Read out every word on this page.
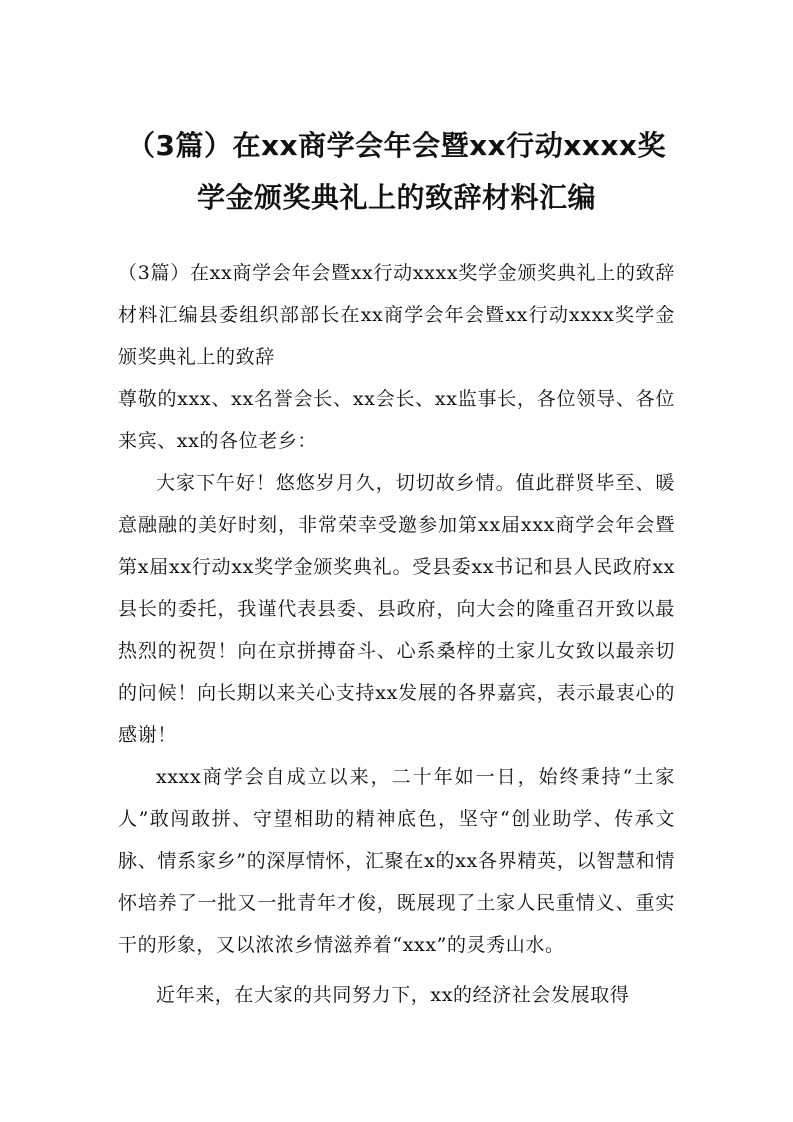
（3篇）在xx商学会年会暨xx行动xxxx奖学金颁奖典礼上的致辞材料汇编

（3篇）在xx商学会年会暨xx行动xxxx奖学金颁奖典礼上的致辞材料汇编县委组织部部长在xx商学会年会暨xx行动xxxx奖学金颁奖典礼上的致辞

尊敬的xxx、xx名誉会长、xx会长、xx监事长，各位领导、各位来宾、xx的各位老乡：

大家下午好！悠悠岁月久，切切故乡情。值此群贤毕至、暖意融融的美好时刻，非常荣幸受邀参加第xx届xxx商学会年会暨第x届xx行动xx奖学金颁奖典礼。受县委xx书记和县人民政府xx县长的委托，我谨代表县委、县政府，向大会的隆重召开致以最热烈的祝贺！向在京拼搏奋斗、心系桑梓的土家儿女致以最亲切的问候！向长期以来关心支持xx发展的各界嘉宾，表示最衷心的感谢！

xxxx商学会自成立以来，二十年如一日，始终秉持“土家人”敢闯敢拼、守望相助的精神底色，坚守“创业助学、传承文脉、情系家乡”的深厚情怀，汇聚在x的xx各界精英，以智慧和情怀培养了一批又一批青年才俊，既展现了土家人民重情义、重实干的形象，又以浓浓乡情滋养着“xxx”的灵秀山水。

近年来，在大家的共同努力下，xx的经济社会发展取得
